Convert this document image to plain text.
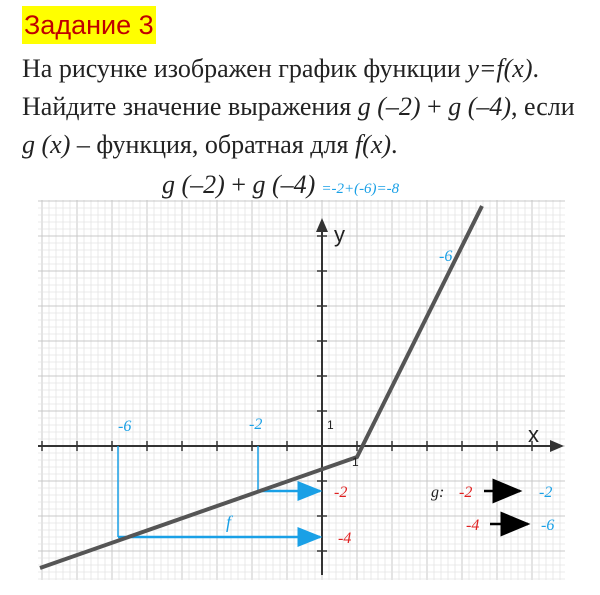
Задание 3
На рисунке изображен график функции y=f(x). Найдите значение выражения g (–2) + g (–4), если g (x) – функция, обратная для f(x).
g (–2) + g (–4) =-2+(-6)=-8
y
x
1
1
-6	-2
-2
-4
f
-6
g: -2	-2
-4	-6
